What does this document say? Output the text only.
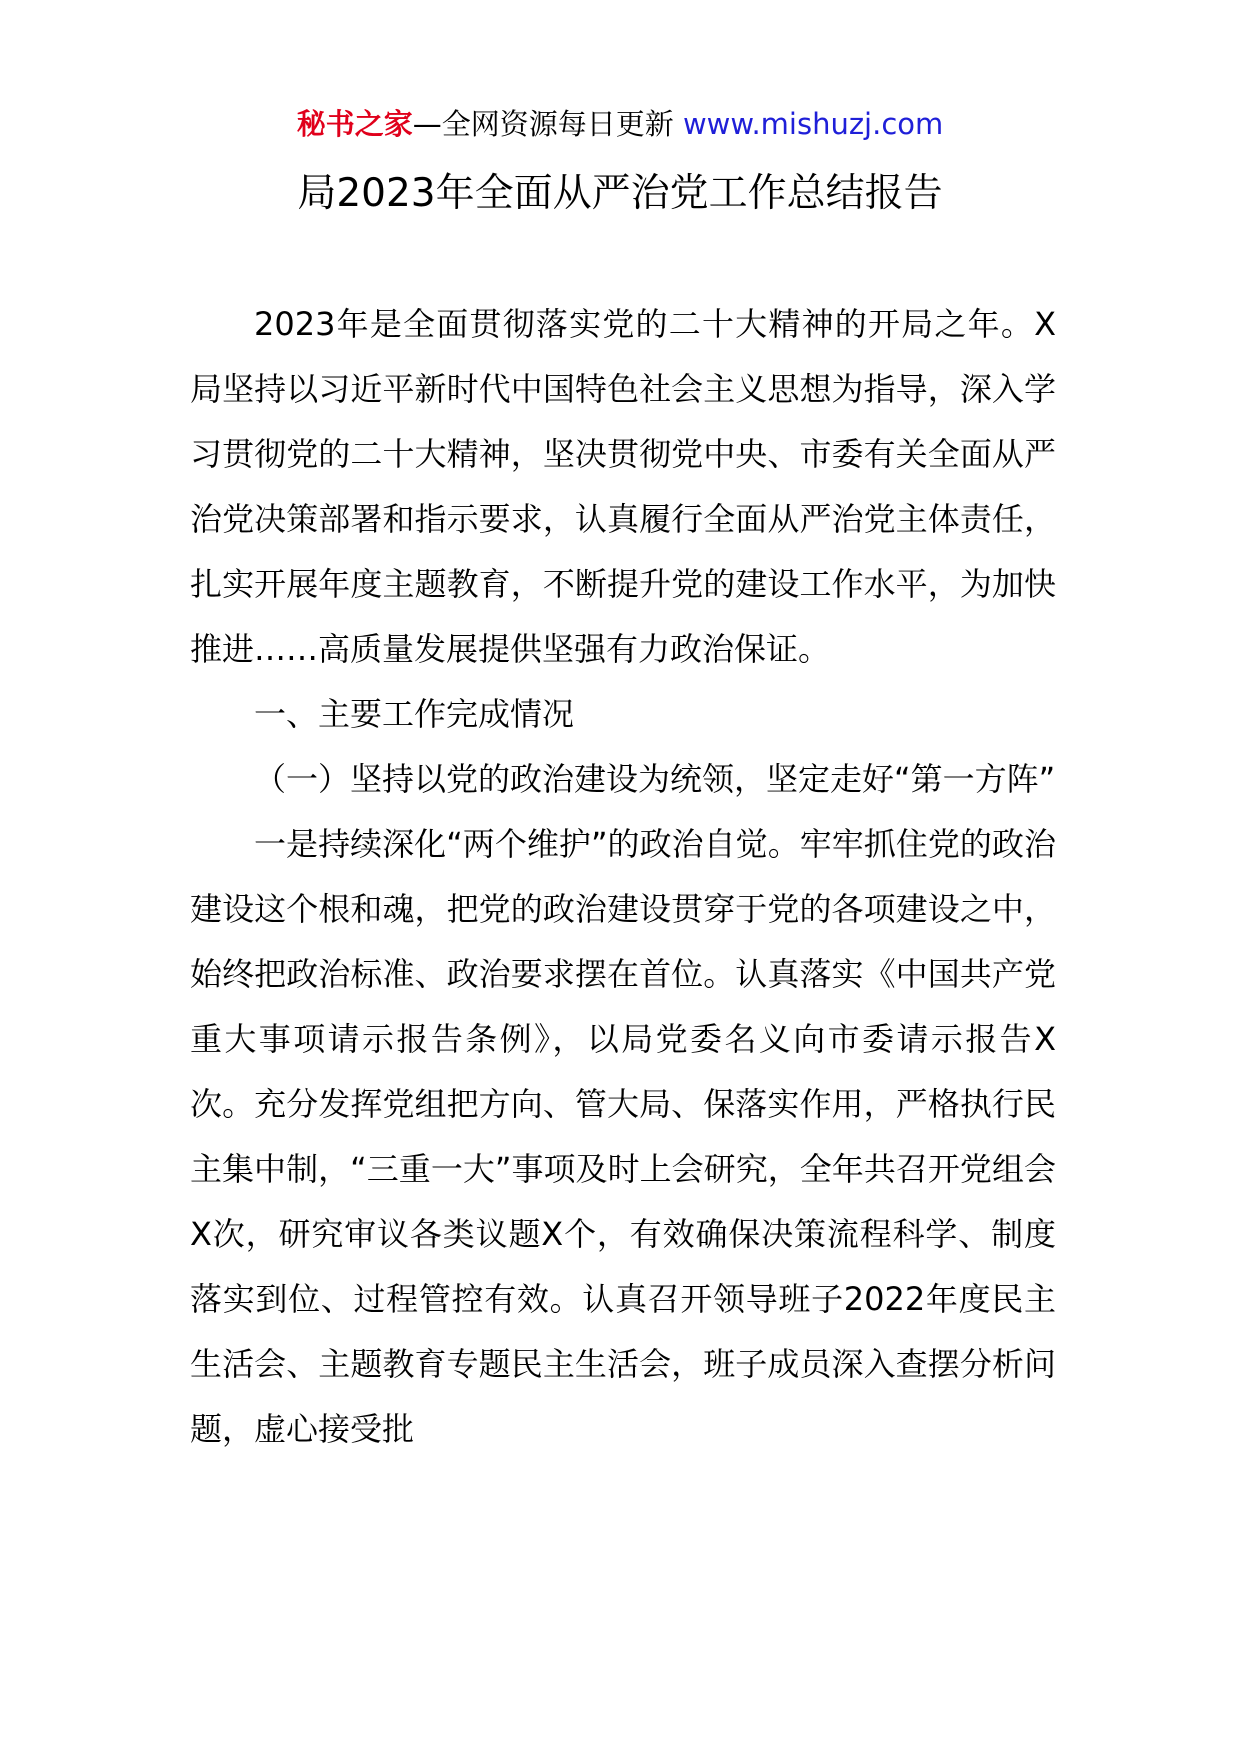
秘书之家—全网资源每日更新 www.mishuzj.com
局2023年全面从严治党工作总结报告

2023年是全面贯彻落实党的二十大精神的开局之年。X局坚持以习近平新时代中国特色社会主义思想为指导，深入学习贯彻党的二十大精神，坚决贯彻党中央、市委有关全面从严治党决策部署和指示要求，认真履行全面从严治党主体责任，扎实开展年度主题教育，不断提升党的建设工作水平，为加快推进……高质量发展提供坚强有力政治保证。

一、主要工作完成情况

（一）坚持以党的政治建设为统领，坚定走好“第一方阵”

一是持续深化“两个维护”的政治自觉。牢牢抓住党的政治建设这个根和魂，把党的政治建设贯穿于党的各项建设之中，始终把政治标准、政治要求摆在首位。认真落实《中国共产党重大事项请示报告条例》，以局党委名义向市委请示报告X次。充分发挥党组把方向、管大局、保落实作用，严格执行民主集中制，“三重一大”事项及时上会研究，全年共召开党组会X次，研究审议各类议题X个，有效确保决策流程科学、制度落实到位、过程管控有效。认真召开领导班子2022年度民主生活会、主题教育专题民主生活会，班子成员深入查摆分析问题，虚心接受批
